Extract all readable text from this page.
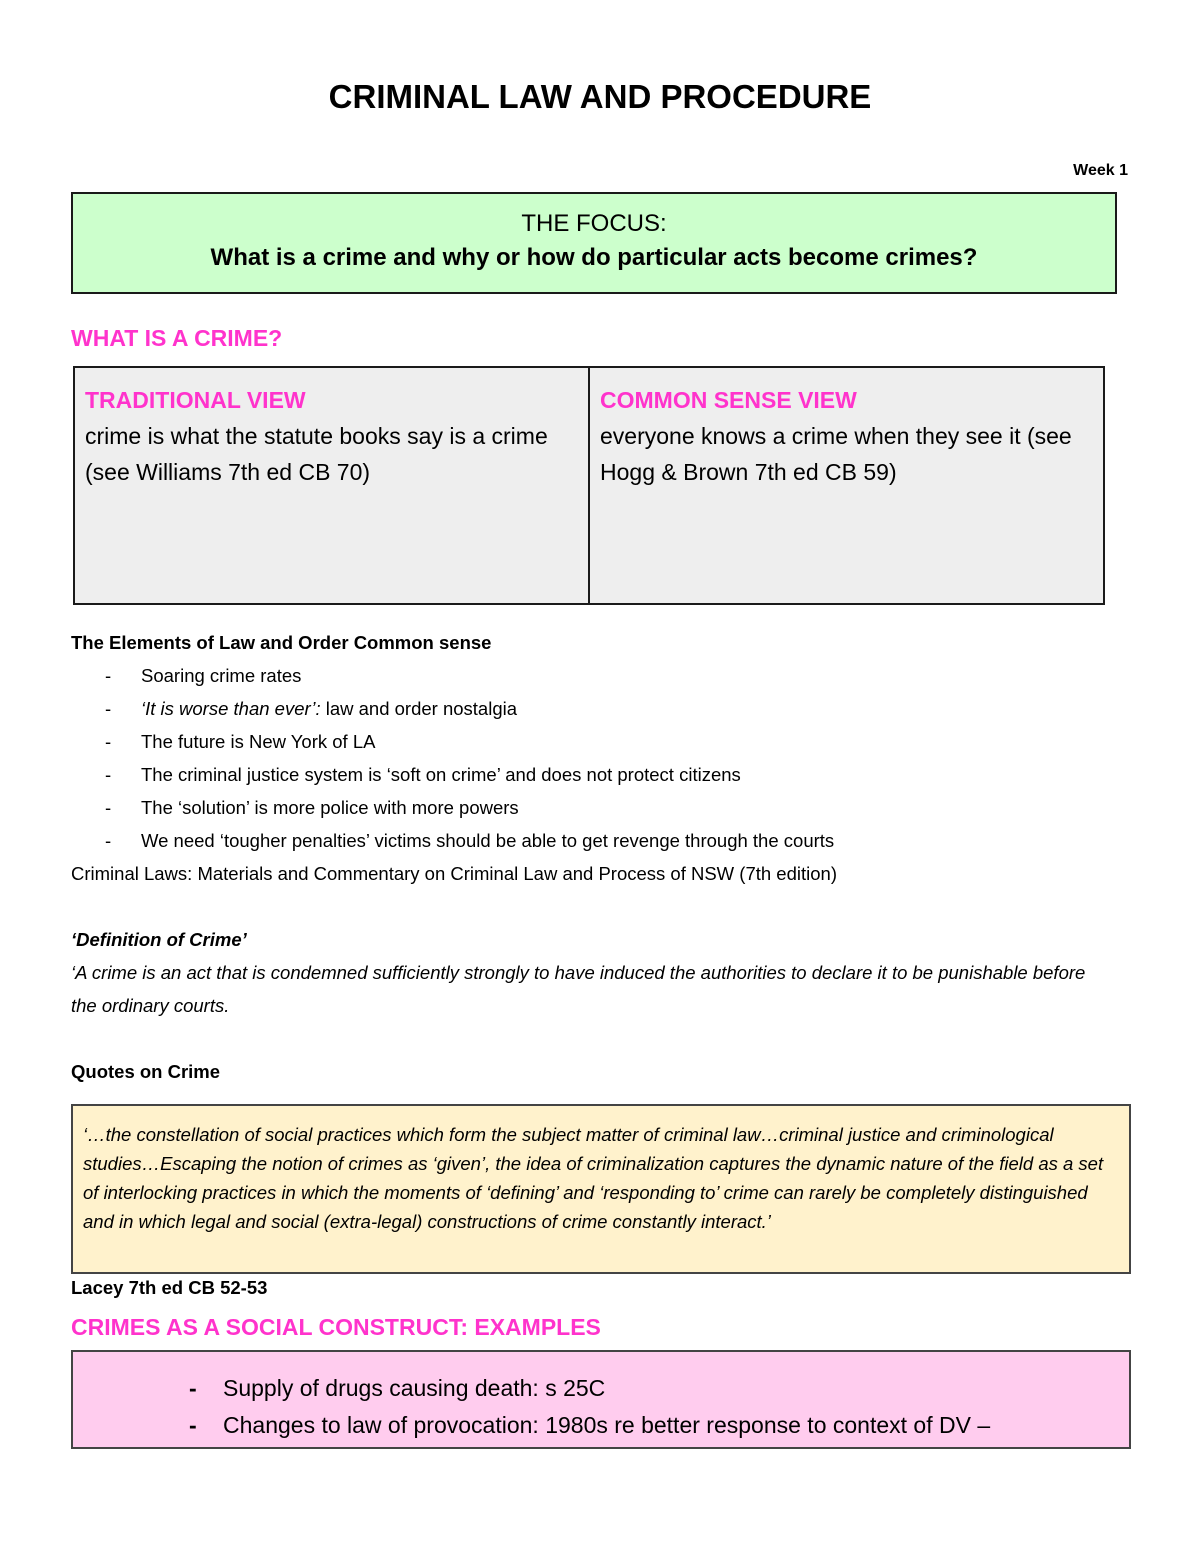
CRIMINAL LAW AND PROCEDURE
Week 1
THE FOCUS:
What is a crime and why or how do particular acts become crimes?
WHAT IS A CRIME?
TRADITIONAL VIEW
crime is what the statute books say is a crime (see Williams 7th ed CB 70)
COMMON SENSE VIEW
everyone knows a crime when they see it (see Hogg & Brown 7th ed CB 59)
The Elements of Law and Order Common sense
- Soaring crime rates
- ‘It is worse than ever’: law and order nostalgia
- The future is New York of LA
- The criminal justice system is ‘soft on crime’ and does not protect citizens
- The ‘solution’ is more police with more powers
- We need ‘tougher penalties’ victims should be able to get revenge through the courts
Criminal Laws: Materials and Commentary on Criminal Law and Process of NSW (7th edition)
‘Definition of Crime’
‘A crime is an act that is condemned sufficiently strongly to have induced the authorities to declare it to be punishable before the ordinary courts.
Quotes on Crime
‘…the constellation of social practices which form the subject matter of criminal law…criminal justice and criminological studies…Escaping the notion of crimes as ‘given’, the idea of criminalization captures the dynamic nature of the field as a set of interlocking practices in which the moments of ‘defining’ and ‘responding to’ crime can rarely be completely distinguished and in which legal and social (extra-legal) constructions of crime constantly interact.’
Lacey 7th ed CB 52-53
CRIMES AS A SOCIAL CONSTRUCT: EXAMPLES
- Supply of drugs causing death: s 25C
- Changes to law of provocation: 1980s re better response to context of DV –
